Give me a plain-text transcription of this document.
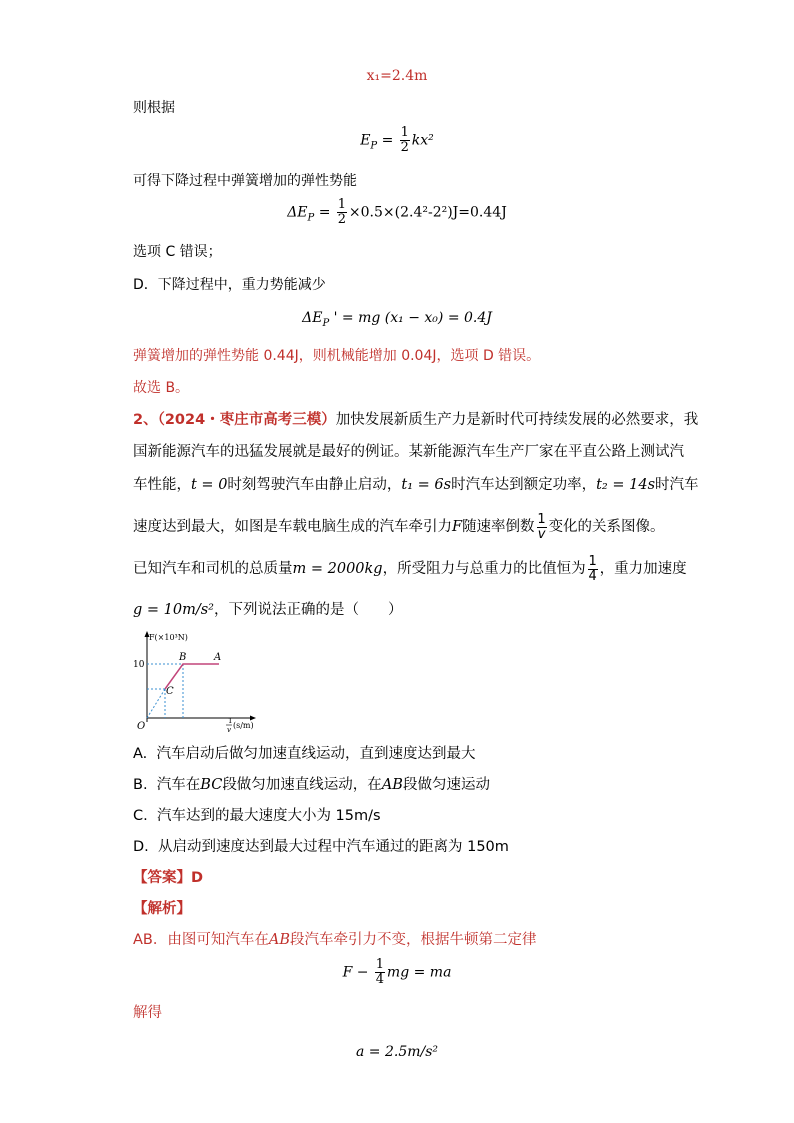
x₁=2.4m
则根据
$E_P = \frac{1}{2} kx^2$
可得下降过程中弹簧增加的弹性势能
$\Delta E_P = \frac{1}{2} \times 0.5\times(2.4^2-2^2)J=0.44J$
选项 C 错误；
D．下降过程中，重力势能减少
$\Delta E_P$ ' = mg (x₁ − x₀) = 0.4J
弹簧增加的弹性势能 0.44J，则机械能增加 0.04J，选项 D 错误。
故选 B。
2、（2024・枣庄市高考三模）加快发展新质生产力是新时代可持续发展的必然要求，我
国新能源汽车的迅猛发展就是最好的例证。某新能源汽车生产厂家在平直公路上测试汽
车性能，t = 0时刻驾驶汽车由静止启动，t₁ = 6s时汽车达到额定功率，t₂ = 14s时汽车
速度达到最大，如图是车载电脑生成的汽车牵引力F随速率倒数 $\frac{1}{v}$ 变化的关系图像。
已知汽车和司机的总质量m = 2000kg，所受阻力与总重力的比值恒为 $\frac{1}{4}$ ，重力加速度
g = 10m/s²，下列说法正确的是（　　）
F(×10³N)
10
O
B	A
C
1
v (s/m)
A. 汽车启动后做匀加速直线运动，直到速度达到最大
B. 汽车在BC段做匀加速直线运动，在AB段做匀速运动
C. 汽车达到的最大速度大小为 15m/s
D. 从启动到速度达到最大过程中汽车通过的距离为 150m
【答案】D
【解析】
AB．由图可知汽车在AB段汽车牵引力不变，根据牛顿第二定律
$F - \frac{1}{4}$ mg = ma
解得
a = 2.5m/s²
